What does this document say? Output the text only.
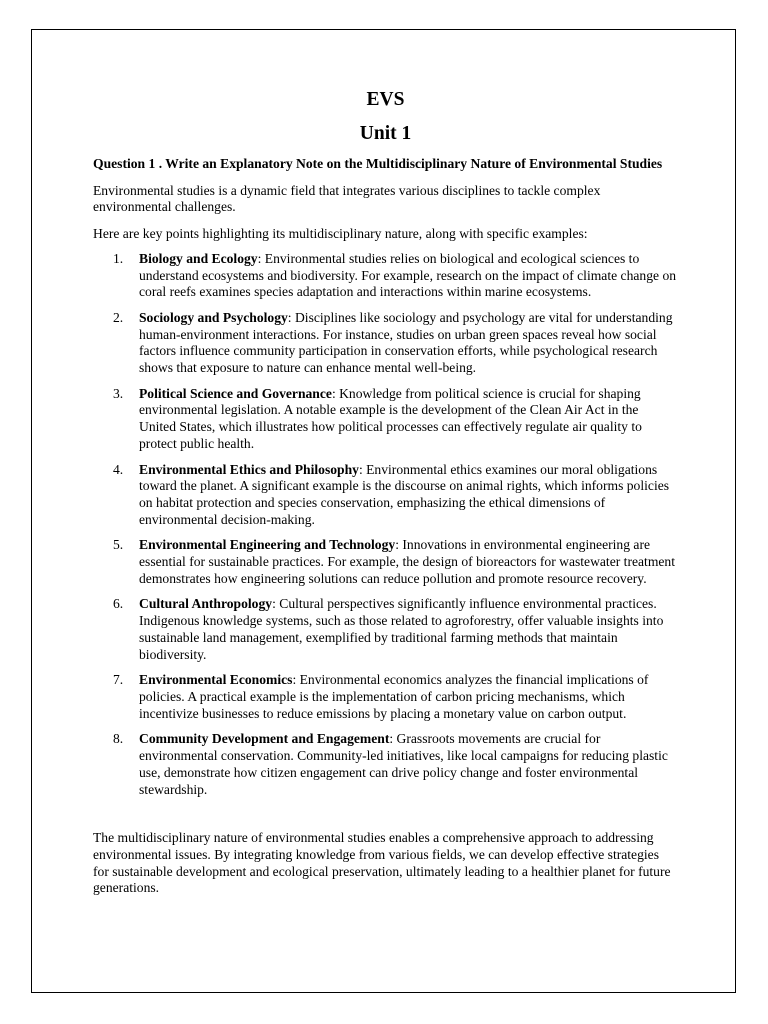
EVS
Unit 1
Question 1 . Write an Explanatory Note on the Multidisciplinary Nature of Environmental Studies

Environmental studies is a dynamic field that integrates various disciplines to tackle complex environmental challenges.

Here are key points highlighting its multidisciplinary nature, along with specific examples:

1. Biology and Ecology: Environmental studies relies on biological and ecological sciences to understand ecosystems and biodiversity. For example, research on the impact of climate change on coral reefs examines species adaptation and interactions within marine ecosystems.
2. Sociology and Psychology: Disciplines like sociology and psychology are vital for understanding human-environment interactions. For instance, studies on urban green spaces reveal how social factors influence community participation in conservation efforts, while psychological research shows that exposure to nature can enhance mental well-being.
3. Political Science and Governance: Knowledge from political science is crucial for shaping environmental legislation. A notable example is the development of the Clean Air Act in the United States, which illustrates how political processes can effectively regulate air quality to protect public health.
4. Environmental Ethics and Philosophy: Environmental ethics examines our moral obligations toward the planet. A significant example is the discourse on animal rights, which informs policies on habitat protection and species conservation, emphasizing the ethical dimensions of environmental decision-making.
5. Environmental Engineering and Technology: Innovations in environmental engineering are essential for sustainable practices. For example, the design of bioreactors for wastewater treatment demonstrates how engineering solutions can reduce pollution and promote resource recovery.
6. Cultural Anthropology: Cultural perspectives significantly influence environmental practices. Indigenous knowledge systems, such as those related to agroforestry, offer valuable insights into sustainable land management, exemplified by traditional farming methods that maintain biodiversity.
7. Environmental Economics: Environmental economics analyzes the financial implications of policies. A practical example is the implementation of carbon pricing mechanisms, which incentivize businesses to reduce emissions by placing a monetary value on carbon output.
8. Community Development and Engagement: Grassroots movements are crucial for environmental conservation. Community-led initiatives, like local campaigns for reducing plastic use, demonstrate how citizen engagement can drive policy change and foster environmental stewardship.

The multidisciplinary nature of environmental studies enables a comprehensive approach to addressing environmental issues. By integrating knowledge from various fields, we can develop effective strategies for sustainable development and ecological preservation, ultimately leading to a healthier planet for future generations.
